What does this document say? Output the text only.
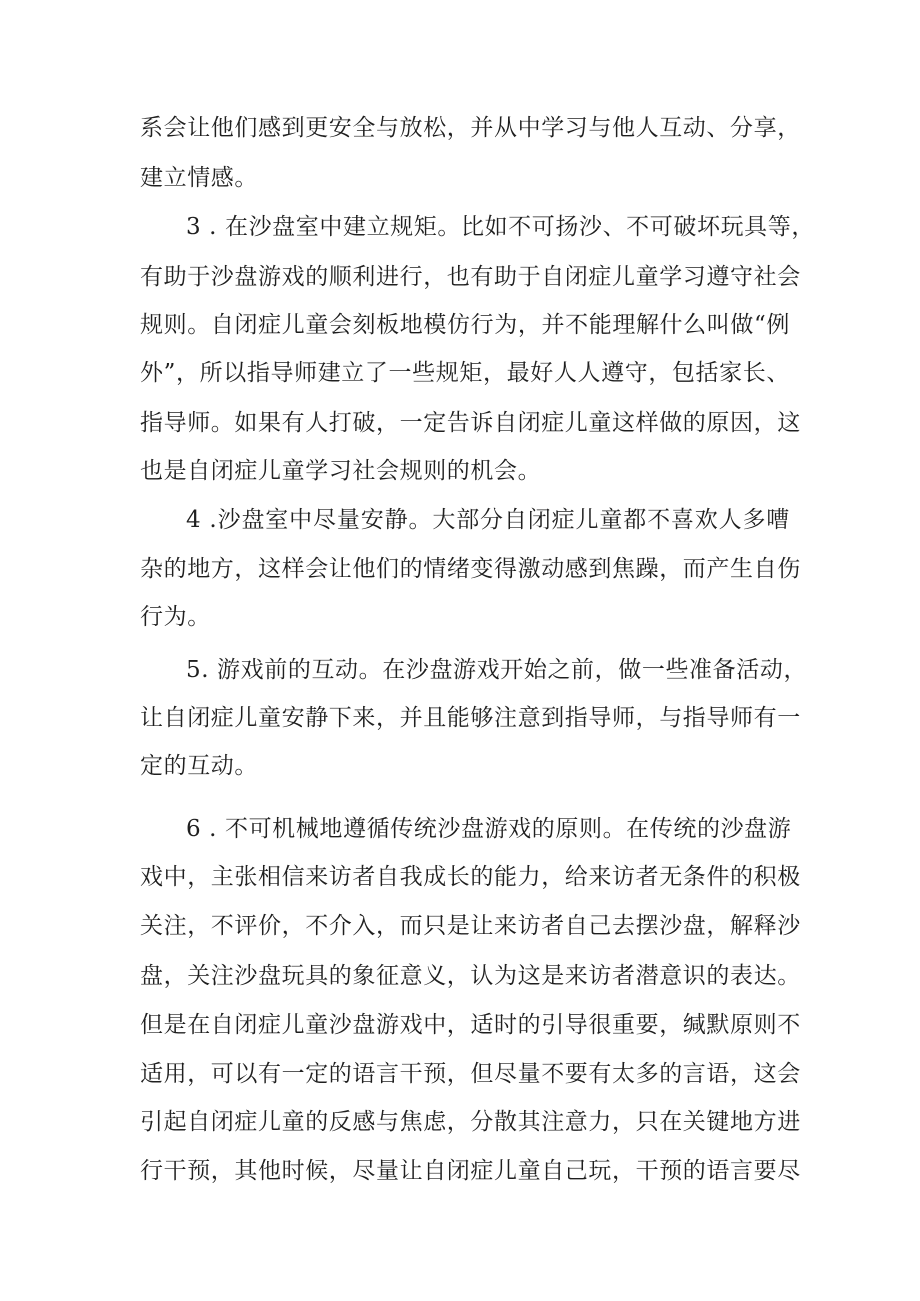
系会让他们感到更安全与放松，并从中学习与他人互动、分享，
建立情感。
3 . 在沙盘室中建立规矩。比如不可扬沙、不可破坏玩具等，
有助于沙盘游戏的顺利进行，也有助于自闭症儿童学习遵守社会
规则。自闭症儿童会刻板地模仿行为，并不能理解什么叫做“例
外”，所以指导师建立了一些规矩，最好人人遵守，包括家长、
指导师。如果有人打破，一定告诉自闭症儿童这样做的原因，这
也是自闭症儿童学习社会规则的机会。
4 .沙盘室中尽量安静。大部分自闭症儿童都不喜欢人多嘈
杂的地方，这样会让他们的情绪变得激动感到焦躁，而产生自伤
行为。
5. 游戏前的互动。在沙盘游戏开始之前，做一些准备活动，
让自闭症儿童安静下来，并且能够注意到指导师，与指导师有一
定的互动。
6 . 不可机械地遵循传统沙盘游戏的原则。在传统的沙盘游
戏中，主张相信来访者自我成长的能力，给来访者无条件的积极
关注，不评价，不介入，而只是让来访者自己去摆沙盘，解释沙
盘，关注沙盘玩具的象征意义，认为这是来访者潜意识的表达。
但是在自闭症儿童沙盘游戏中，适时的引导很重要，缄默原则不
适用，可以有一定的语言干预，但尽量不要有太多的言语，这会
引起自闭症儿童的反感与焦虑，分散其注意力，只在关键地方进
行干预，其他时候，尽量让自闭症儿童自己玩，干预的语言要尽
